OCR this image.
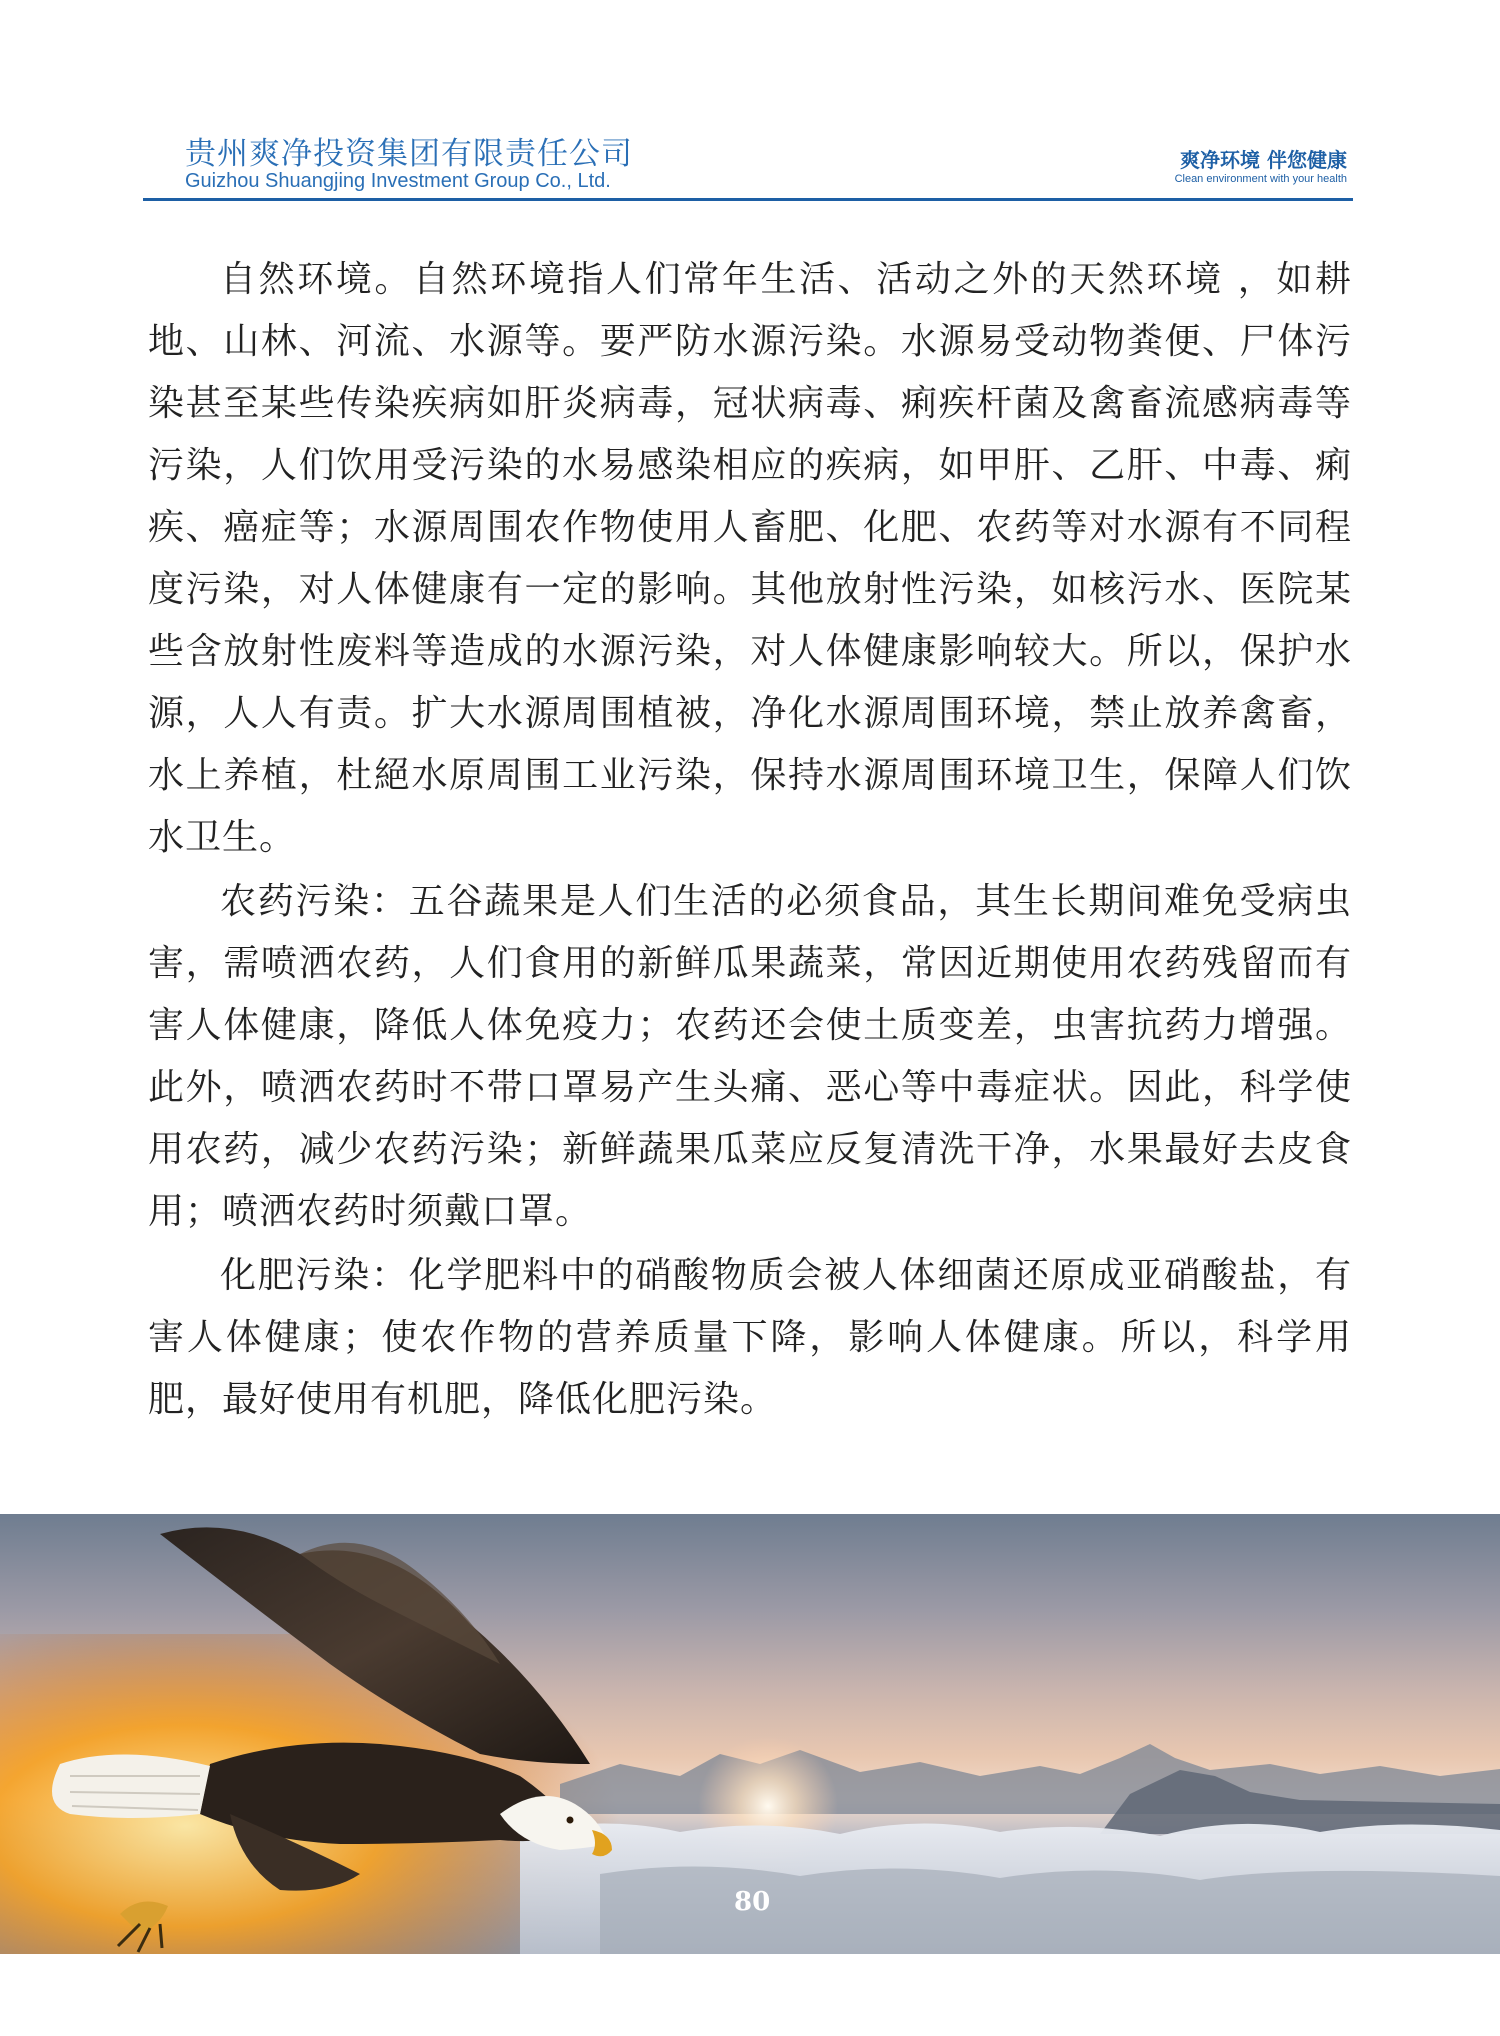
贵州爽净投资集团有限责任公司
Guizhou Shuangjing Investment Group Co., Ltd.
爽净环境 伴您健康
Clean environment with your health

自然环境。自然环境指人们常年生活、活动之外的天然环境 ，如耕地、山林、河流、水源等。要严防水源污染。水源易受动物粪便、尸体污染甚至某些传染疾病如肝炎病毒，冠状病毒、痢疾杆菌及禽畜流感病毒等污染，人们饮用受污染的水易感染相应的疾病，如甲肝、乙肝、中毒、痢疾、癌症等；水源周围农作物使用人畜肥、化肥、农药等对水源有不同程度污染，对人体健康有一定的影响。其他放射性污染，如核污水、医院某些含放射性废料等造成的水源污染，对人体健康影响较大。所以，保护水源，人人有责。扩大水源周围植被，净化水源周围环境，禁止放养禽畜，水上养植，杜絕水原周围工业污染，保持水源周围环境卫生，保障人们饮水卫生。

农药污染：五谷蔬果是人们生活的必须食品，其生长期间难免受病虫害，需喷洒农药，人们食用的新鲜瓜果蔬菜，常因近期使用农药残留而有害人体健康，降低人体免疫力；农药还会使土质变差，虫害抗药力增强。此外，喷洒农药时不带口罩易产生头痛、恶心等中毒症状。因此，科学使用农药，减少农药污染；新鲜蔬果瓜菜应反复清洗干净，水果最好去皮食用；喷洒农药时须戴口罩。

化肥污染：化学肥料中的硝酸物质会被人体细菌还原成亚硝酸盐，有害人体健康；使农作物的营养质量下降，影响人体健康。所以，科学用肥，最好使用有机肥，降低化肥污染。

80
